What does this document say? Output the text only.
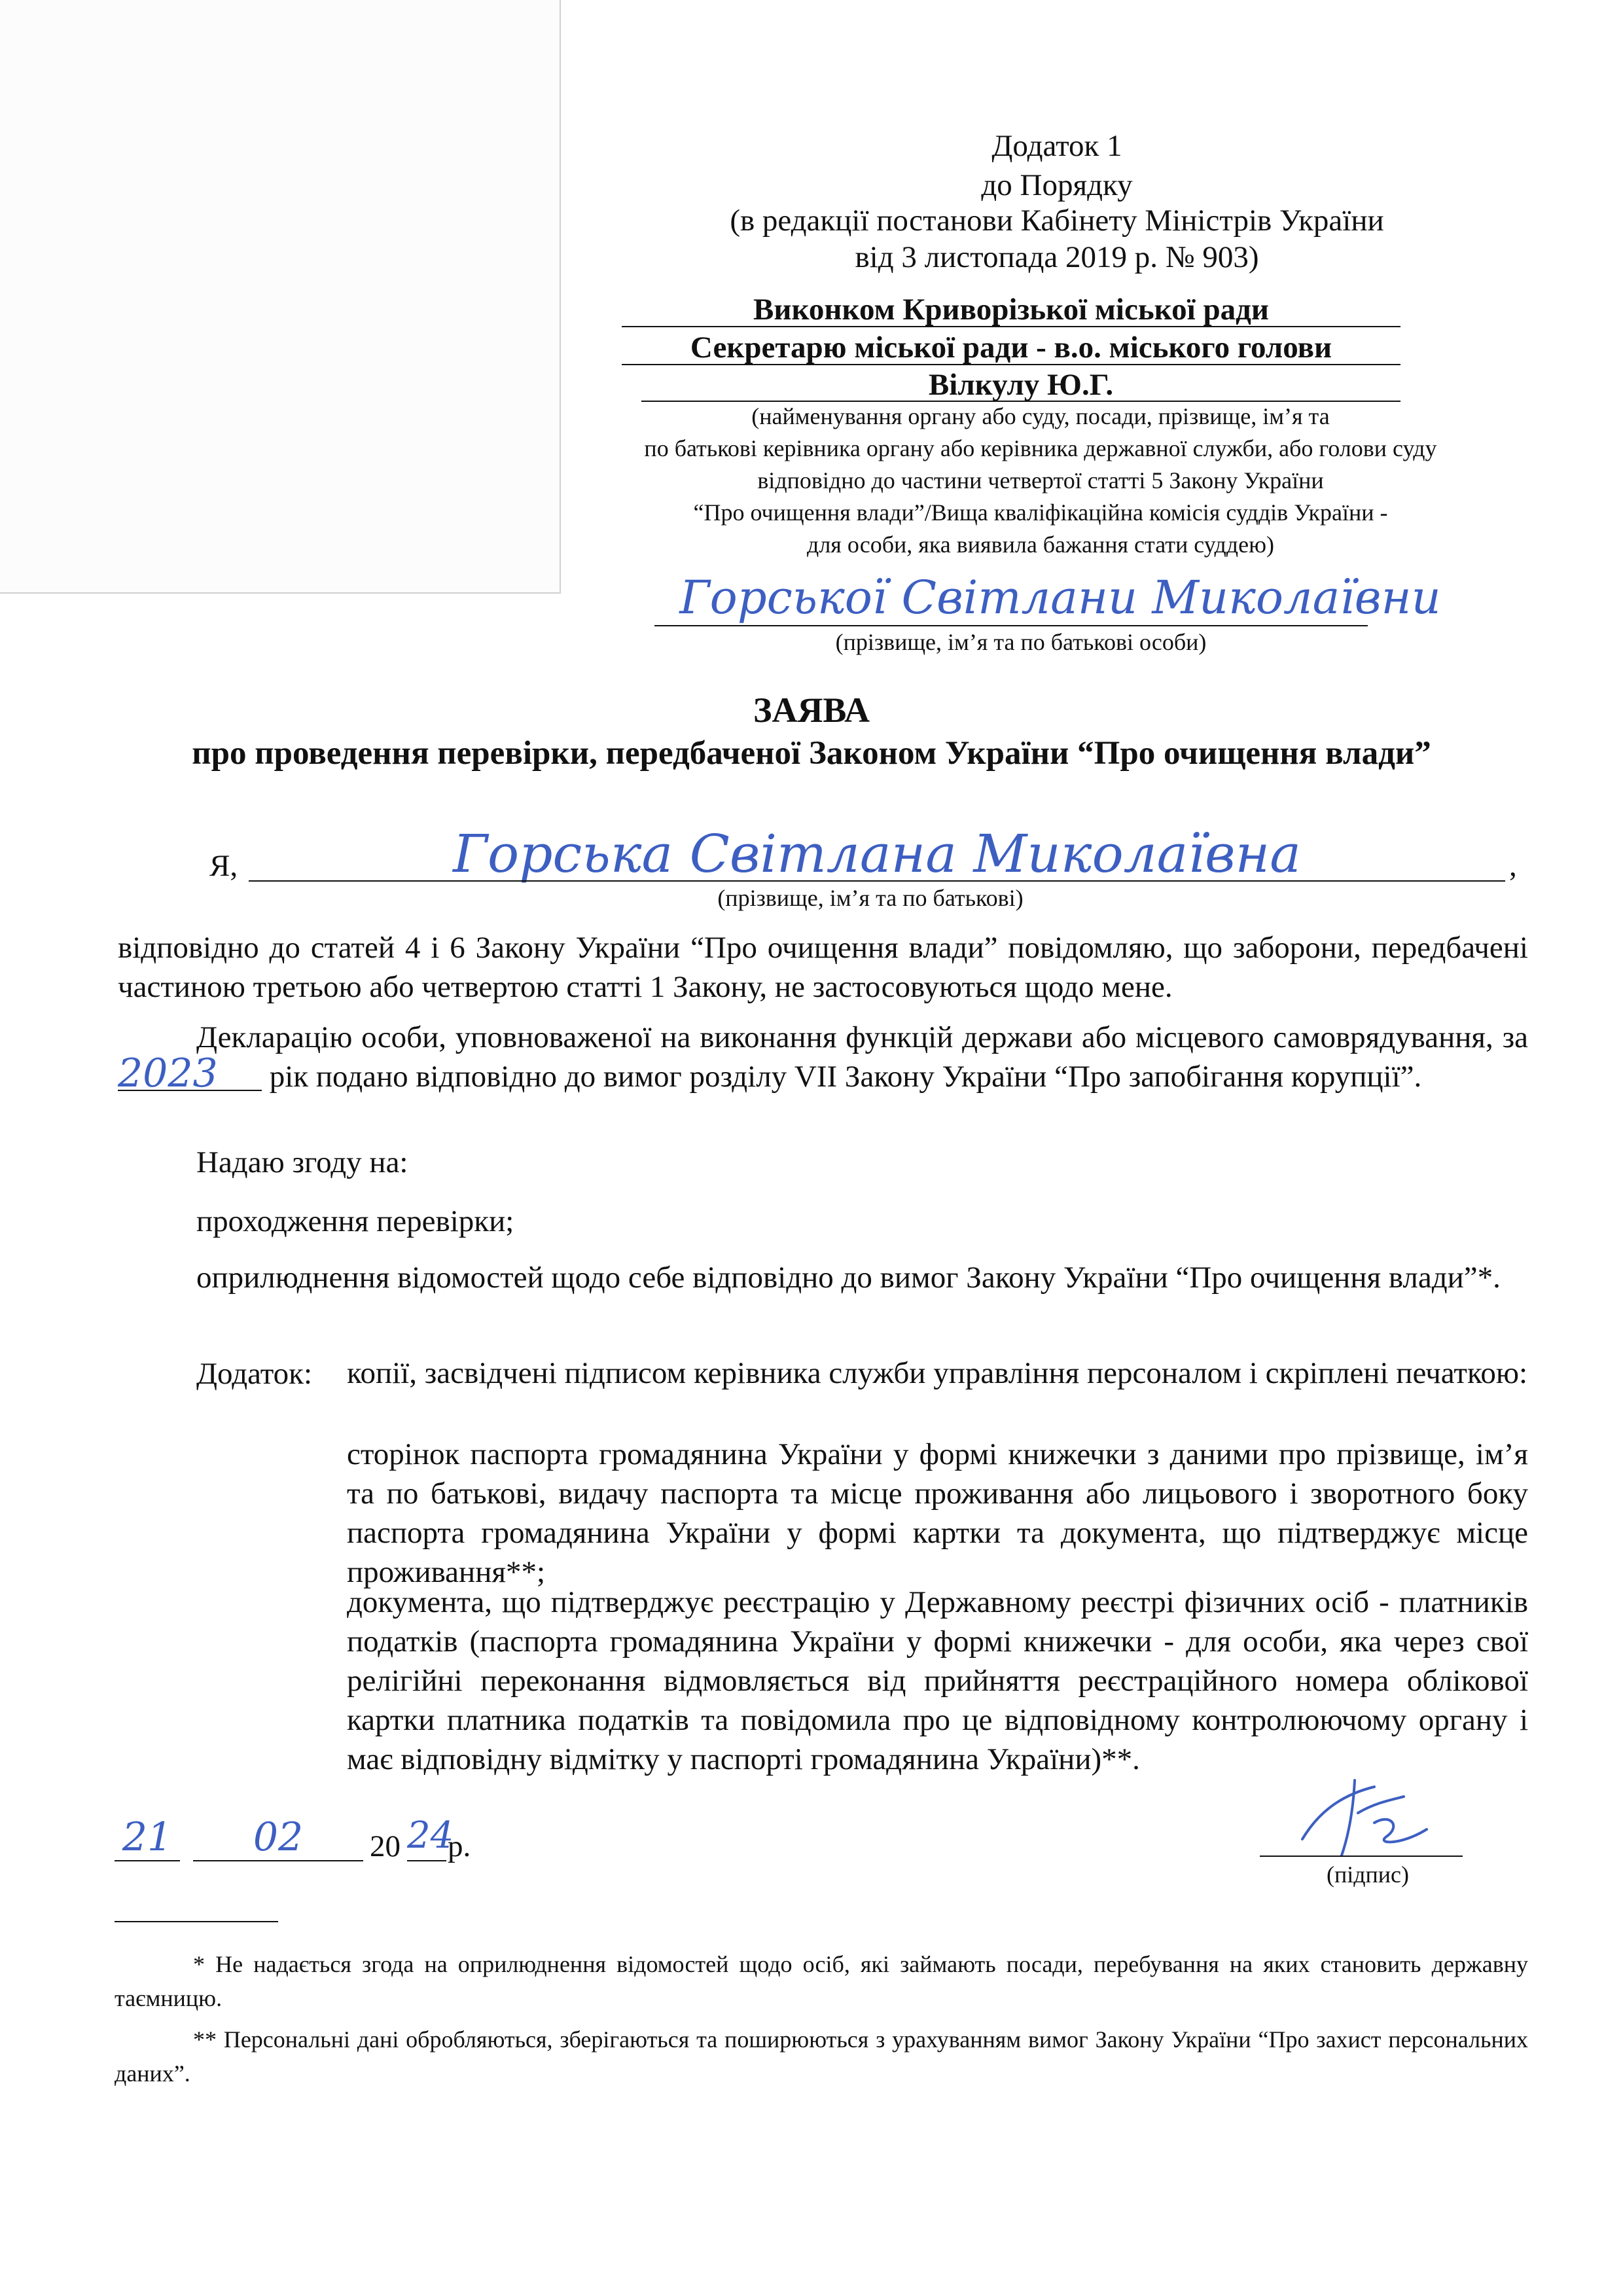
Додаток 1
до Порядку
(в редакції постанови Кабінету Міністрів України
від 3 листопада 2019 р. № 903)
Виконком Криворізької міської ради
Секретарю міської ради - в.о. міського голови
Вілкулу Ю.Г.
(найменування органу або суду, посади, прізвище, ім’я та
по батькові керівника органу або керівника державної служби, або голови суду
відповідно до частини четвертої статті 5 Закону України
“Про очищення влади”/Вища кваліфікаційна комісія суддів України -
для особи, яка виявила бажання стати суддею)
Горської Світлани Миколаївни
(прізвище, ім’я та по батькові особи)
ЗАЯВА
про проведення перевірки, передбаченої Законом України “Про очищення влади”
Я,	Горська Світлана Миколаївна	,
(прізвище, ім’я та по батькові)
відповідно до статей 4 і 6 Закону України “Про очищення влади” повідомляю, що заборони, передбачені частиною третьою або четвертою статті 1 Закону, не застосовуються щодо мене.
Декларацію особи, уповноваженої на виконання функцій держави або місцевого самоврядування, за 2023 рік подано відповідно до вимог розділу VII Закону України “Про запобігання корупції”.
Надаю згоду на:
проходження перевірки;
оприлюднення відомостей щодо себе відповідно до вимог Закону України “Про очищення влади”*.
Додаток: копії, засвідчені підписом керівника служби управління персоналом і скріплені печаткою:
сторінок паспорта громадянина України у формі книжечки з даними про прізвище, ім’я та по батькові, видачу паспорта та місце проживання або лицьового і зворотного боку паспорта громадянина України у формі картки та документа, що підтверджує місце проживання**;
документа, що підтверджує реєстрацію у Державному реєстрі фізичних осіб - платників податків (паспорта громадянина України у формі книжечки - для особи, яка через свої релігійні переконання відмовляється від прийняття реєстраційного номера облікової картки платника податків та повідомила про це відповідному контролюючому органу і має відповідну відмітку у паспорті громадянина України)**.
21	02	20 24
р.
(підпис)
* Не надається згода на оприлюднення відомостей щодо осіб, які займають посади, перебування на яких становить державну таємницю.
** Персональні дані обробляються, зберігаються та поширюються з урахуванням вимог Закону України “Про захист персональних даних”.
